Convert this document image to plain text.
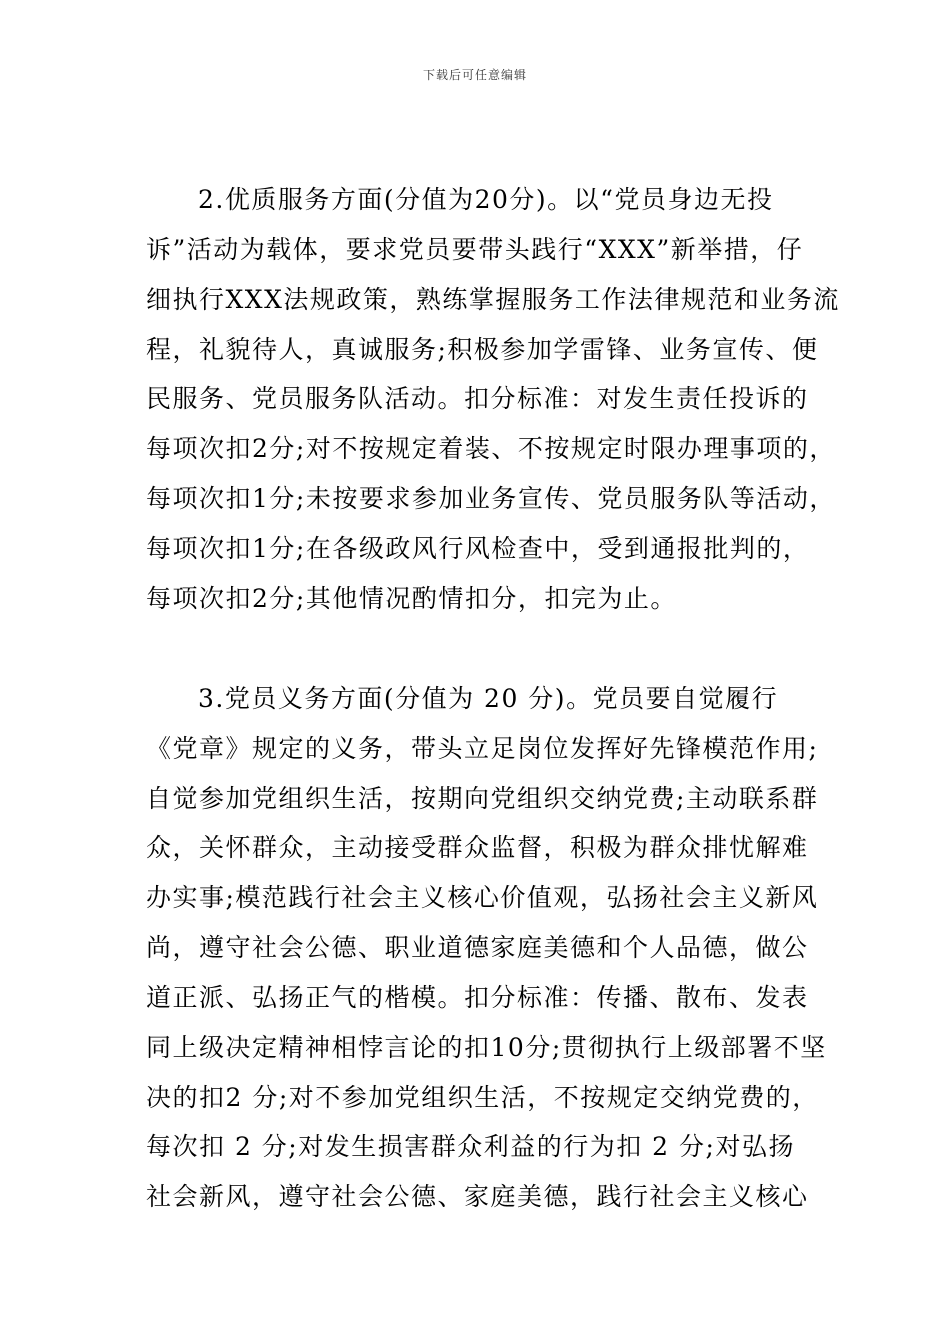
下载后可任意编辑
2.优质服务方面(分值为20分)。以“党员身边无投
诉”活动为载体，要求党员要带头践行“XXX”新举措，仔
细执行XXX法规政策，熟练掌握服务工作法律规范和业务流
程，礼貌待人，真诚服务;积极参加学雷锋、业务宣传、便
民服务、党员服务队活动。扣分标准：对发生责任投诉的
每项次扣2分;对不按规定着装、不按规定时限办理事项的，
每项次扣1分;未按要求参加业务宣传、党员服务队等活动，
每项次扣1分;在各级政风行风检查中，受到通报批判的，
每项次扣2分;其他情况酌情扣分，扣完为止。
3.党员义务方面(分值为 20 分)。党员要自觉履行
《党章》规定的义务，带头立足岗位发挥好先锋模范作用;
自觉参加党组织生活，按期向党组织交纳党费;主动联系群
众，关怀群众，主动接受群众监督，积极为群众排忧解难
办实事;模范践行社会主义核心价值观，弘扬社会主义新风
尚，遵守社会公德、职业道德家庭美德和个人品德，做公
道正派、弘扬正气的楷模。扣分标准：传播、散布、发表
同上级决定精神相悖言论的扣10分;贯彻执行上级部署不坚
决的扣2 分;对不参加党组织生活，不按规定交纳党费的，
每次扣 2 分;对发生损害群众利益的行为扣 2 分;对弘扬
社会新风，遵守社会公德、家庭美德，践行社会主义核心
